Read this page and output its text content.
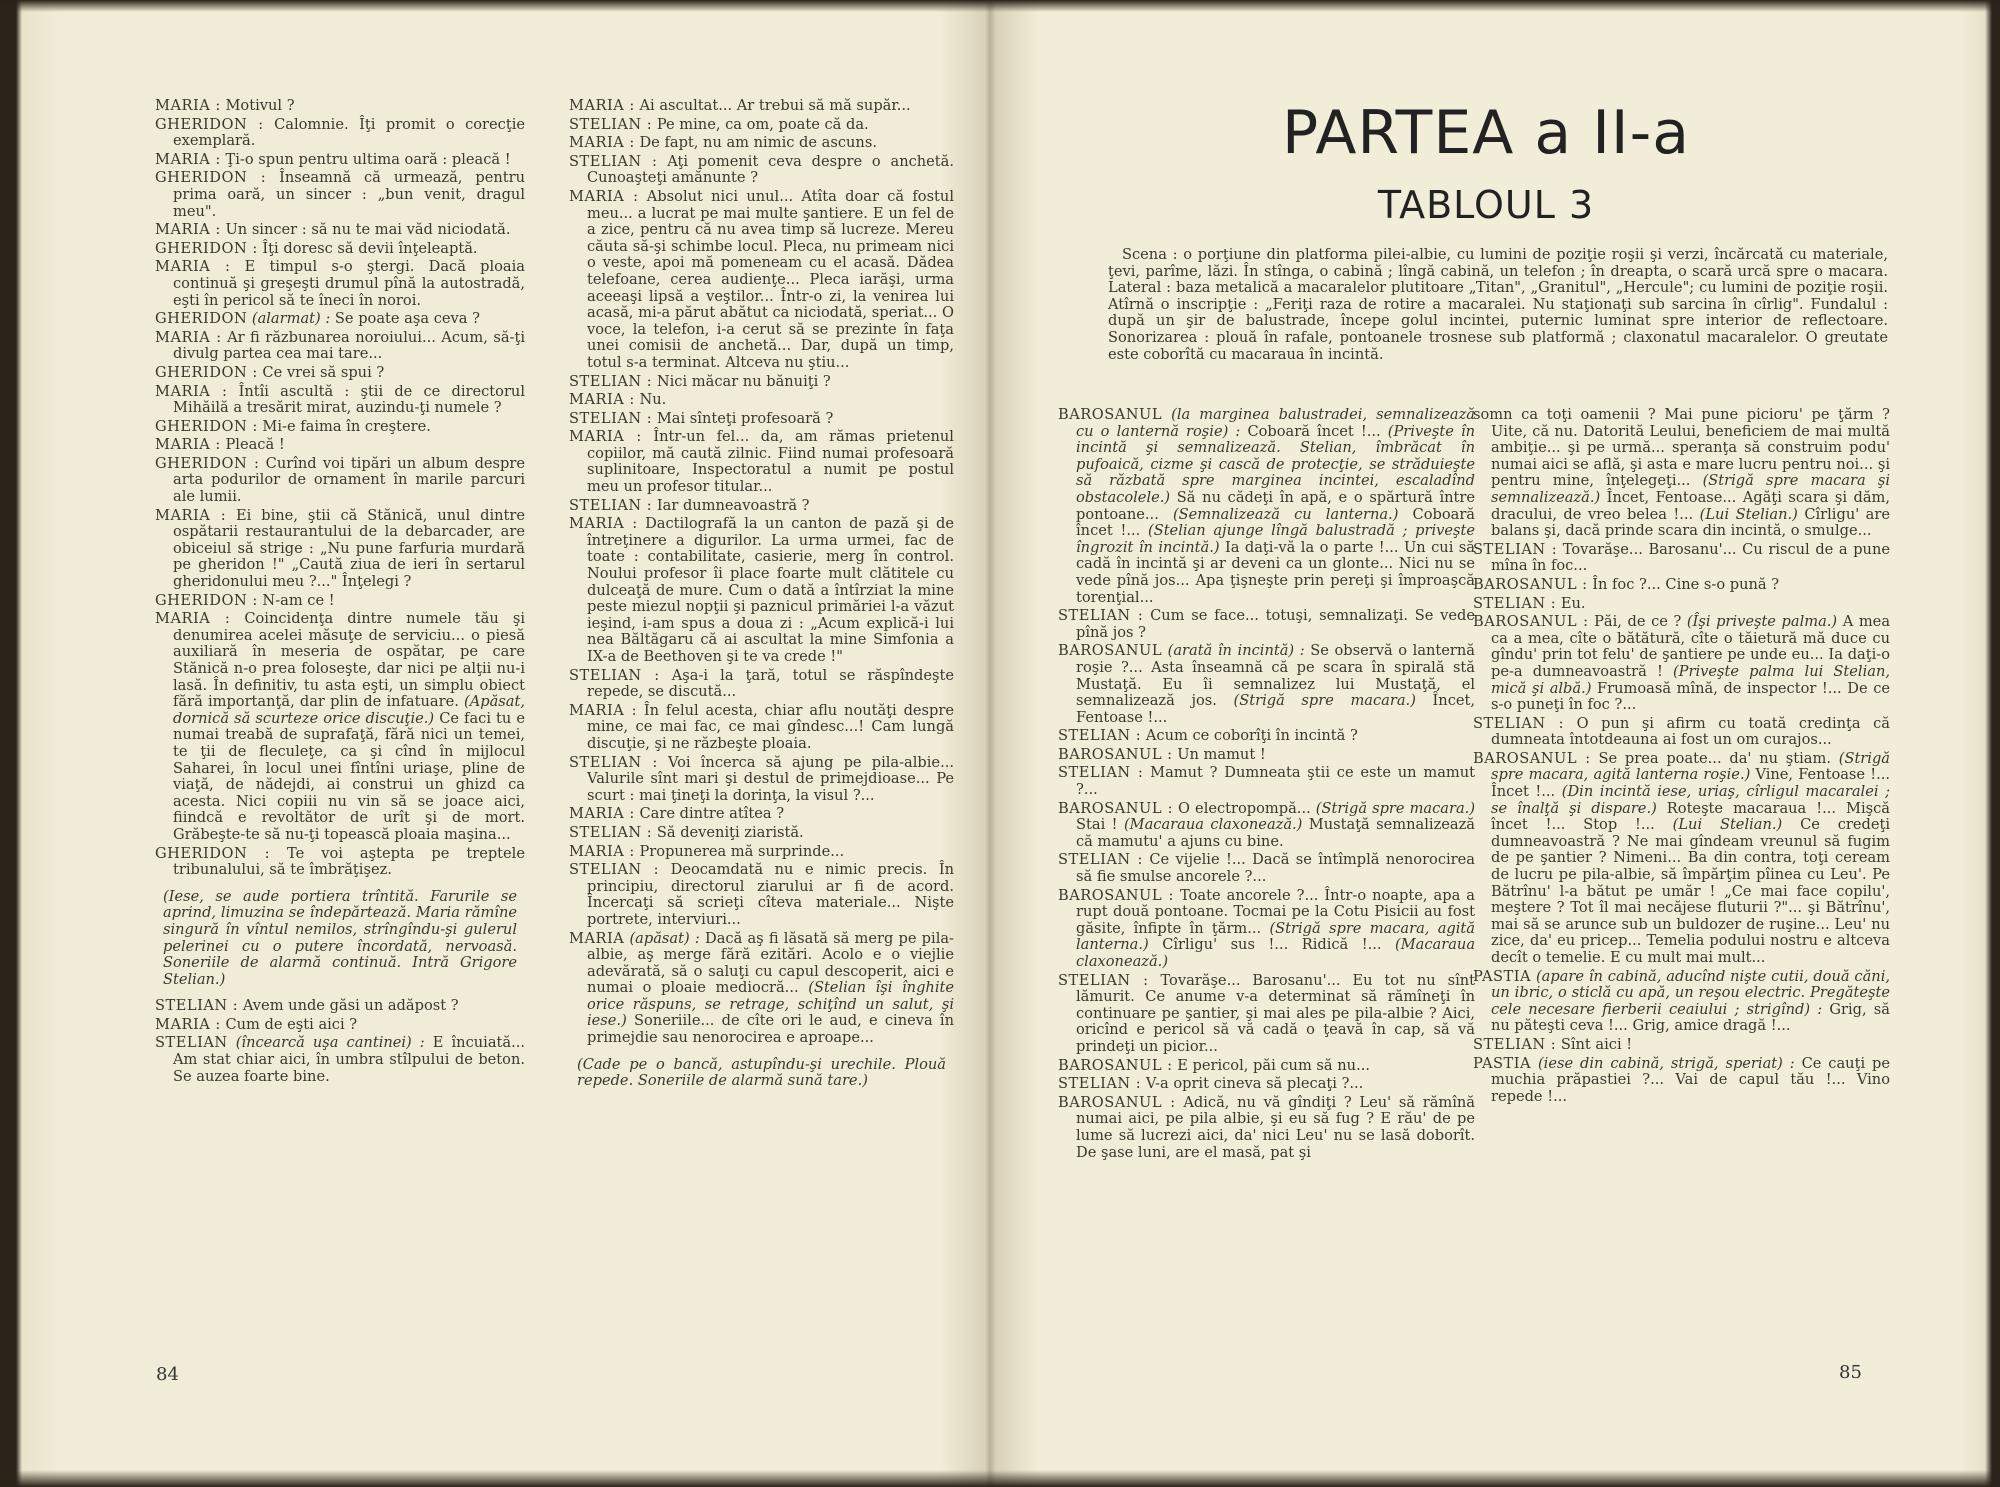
MARIA : Motivul ?

GHERIDON : Calomnie. Îţi promit o corecţie exemplară.

MARIA : Ţi-o spun pentru ultima oară : pleacă !

GHERIDON : Înseamnă că urmează, pentru prima oară, un sincer : „bun venit, dragul meu".

MARIA : Un sincer : să nu te mai văd niciodată.

GHERIDON : Îţi doresc să devii înţeleaptă.

MARIA : E timpul s-o ştergi. Dacă ploaia continuă şi greşeşti drumul pînă la autostradă, eşti în pericol să te îneci în noroi.

GHERIDON (alarmat) : Se poate aşa ceva ?

MARIA : Ar fi răzbunarea noroiului... Acum, să-ţi divulg partea cea mai tare...

GHERIDON : Ce vrei să spui ?

MARIA : Întîi ascultă : ştii de ce directorul Mihăilă a tresărit mirat, auzindu-ţi numele ?

GHERIDON : Mi-e faima în creştere.

MARIA : Pleacă !

GHERIDON : Curînd voi tipări un album despre arta podurilor de ornament în marile parcuri ale lumii.

MARIA : Ei bine, ştii că Stănică, unul dintre ospătarii restaurantului de la debarcader, are obiceiul să strige : „Nu pune farfuria murdară pe gheridon !" „Caută ziua de ieri în sertarul gheridonului meu ?..." Înţelegi ?

GHERIDON : N-am ce !

MARIA : Coincidenţa dintre numele tău şi denumirea acelei măsuţe de serviciu... o piesă auxiliară în meseria de ospătar, pe care Stănică n-o prea foloseşte, dar nici pe alţii nu-i lasă. În definitiv, tu asta eşti, un simplu obiect fără importanţă, dar plin de infatuare. (Apăsat, dornică să scurteze orice discuţie.) Ce faci tu e numai treabă de suprafaţă, fără nici un temei, te ţii de fleculeţe, ca şi cînd în mijlocul Saharei, în locul unei fîntîni uriaşe, pline de viaţă, de nădejdi, ai construi un ghizd ca acesta. Nici copiii nu vin să se joace aici, fiindcă e revoltător de urît şi de mort. Grăbeşte-te să nu-ţi topească ploaia maşina...

GHERIDON : Te voi aştepta pe treptele tribunalului, să te îmbrăţişez.

(Iese, se aude portiera trîntită. Farurile se aprind, limuzina se îndepărtează. Maria rămîne singură în vîntul nemilos, strîngîndu-şi gulerul pelerinei cu o putere încordată, nervoasă. Soneriile de alarmă continuă. Intră Grigore Stelian.)

STELIAN : Avem unde găsi un adăpost ?

MARIA : Cum de eşti aici ?

STELIAN (încearcă uşa cantinei) : E încuiată... Am stat chiar aici, în umbra stîlpului de beton. Se auzea foarte bine.

MARIA : Ai ascultat... Ar trebui să mă supăr...

STELIAN : Pe mine, ca om, poate că da.

MARIA : De fapt, nu am nimic de ascuns.

STELIAN : Aţi pomenit ceva despre o anchetă. Cunoaşteţi amănunte ?

MARIA : Absolut nici unul... Atîta doar că fostul meu... a lucrat pe mai multe şantiere. E un fel de a zice, pentru că nu avea timp să lucreze. Mereu căuta să-şi schimbe locul. Pleca, nu primeam nici o veste, apoi mă pomeneam cu el acasă. Dădea telefoane, cerea audienţe... Pleca iarăşi, urma aceeaşi lipsă a veştilor... Într-o zi, la venirea lui acasă, mi-a părut abătut ca niciodată, speriat... O voce, la telefon, i-a cerut să se prezinte în faţa unei comisii de anchetă... Dar, după un timp, totul s-a terminat. Altceva nu ştiu...

STELIAN : Nici măcar nu bănuiţi ?

MARIA : Nu.

STELIAN : Mai sînteţi profesoară ?

MARIA : Într-un fel... da, am rămas prietenul copiilor, mă caută zilnic. Fiind numai profesoară suplinitoare, Inspectoratul a numit pe postul meu un profesor titular...

STELIAN : Iar dumneavoastră ?

MARIA : Dactilografă la un canton de pază şi de întreţinere a digurilor. La urma urmei, fac de toate : contabilitate, casierie, merg în control. Noului profesor îi place foarte mult clătitele cu dulceaţă de mure. Cum o dată a întîrziat la mine peste miezul nopţii şi paznicul primăriei l-a văzut ieşind, i-am spus a doua zi : „Acum explică-i lui nea Băltăgaru că ai ascultat la mine Simfonia a IX-a de Beethoven şi te va crede !"

STELIAN : Aşa-i la ţară, totul se răspîndeşte repede, se discută...

MARIA : În felul acesta, chiar aflu noutăţi despre mine, ce mai fac, ce mai gîndesc...! Cam lungă discuţie, şi ne răzbeşte ploaia.

STELIAN : Voi încerca să ajung pe pila-albie... Valurile sînt mari şi destul de primejdioase... Pe scurt : mai ţineţi la dorinţa, la visul ?...

MARIA : Care dintre atîtea ?

STELIAN : Să deveniţi ziaristă.

MARIA : Propunerea mă surprinde...

STELIAN : Deocamdată nu e nimic precis. În principiu, directorul ziarului ar fi de acord. Încercaţi să scrieţi cîteva materiale... Nişte portrete, interviuri...

MARIA (apăsat) : Dacă aş fi lăsată să merg pe pila-albie, aş merge fără ezitări. Acolo e o viejlie adevărată, să o saluţi cu capul descoperit, aici e numai o ploaie mediocră... (Stelian îşi înghite orice răspuns, se retrage, schiţînd un salut, şi iese.) Soneriile... de cîte ori le aud, e cineva în primejdie sau nenorocirea e aproape...

(Cade pe o bancă, astupîndu-şi urechile. Plouă repede. Soneriile de alarmă sună tare.)

84
PARTEA a II-a
TABLOUL 3
Scena : o porţiune din platforma pilei-albie, cu lumini de poziţie roşii şi verzi, încărcată cu materiale, ţevi, parîme, lăzi. În stînga, o cabină ; lîngă cabină, un telefon ; în dreapta, o scară urcă spre o macara. Lateral : baza metalică a macaralelor plutitoare „Titan", „Granitul", „Hercule"; cu lumini de poziţie roşii. Atîrnă o inscripţie : „Feriţi raza de rotire a macaralei. Nu staţionaţi sub sarcina în cîrlig". Fundalul : după un şir de balustrade, începe golul incintei, puternic luminat spre interior de reflectoare. Sonorizarea : plouă în rafale, pontoanele trosnese sub platformă ; claxonatul macaralelor. O greutate este coborîtă cu macaraua în incintă.

BAROSANUL (la marginea balustradei, semnalizează cu o lanternă roşie) : Coboară încet !... (Priveşte în incintă şi semnalizează. Stelian, îmbrăcat în pufoaică, cizme şi cască de protecţie, se străduieşte să răzbată spre marginea incintei, escaladînd obstacolele.) Să nu cădeţi în apă, e o spărtură între pontoane... (Semnalizează cu lanterna.) Coboară încet !... (Stelian ajunge lîngă balustradă ; priveşte îngrozit în incintă.) Ia daţi-vă la o parte !... Un cui să cadă în incintă şi ar deveni ca un glonte... Nici nu se vede pînă jos... Apa ţişneşte prin pereţi şi împroaşcă torenţial...

STELIAN : Cum se face... totuşi, semnalizaţi. Se vede pînă jos ?

BAROSANUL (arată în incintă) : Se observă o lanternă roşie ?... Asta înseamnă că pe scara în spirală stă Mustaţă. Eu îi semnalizez lui Mustaţă, el semnalizează jos. (Strigă spre macara.) Încet, Fentoase !...

STELIAN : Acum ce coborîţi în incintă ?

BAROSANUL : Un mamut !

STELIAN : Mamut ? Dumneata ştii ce este un mamut ?...

BAROSANUL : O electropompă... (Strigă spre macara.) Stai ! (Macaraua claxonează.) Mustaţă semnalizează că mamutu' a ajuns cu bine.

STELIAN : Ce vijelie !... Dacă se întîmplă nenorocirea să fie smulse ancorele ?...

BAROSANUL : Toate ancorele ?... Într-o noapte, apa a rupt două pontoane. Tocmai pe la Cotu Pisicii au fost găsite, înfipte în ţărm... (Strigă spre macara, agită lanterna.) Cîrligu' sus !... Ridică !... (Macaraua claxonează.)

STELIAN : Tovarăşe... Barosanu'... Eu tot nu sînt lămurit. Ce anume v-a determinat să rămîneţi în continuare pe şantier, şi mai ales pe pila-albie ? Aici, oricînd e pericol să vă cadă o ţeavă în cap, să vă prindeţi un picior...

BAROSANUL : E pericol, păi cum să nu...

STELIAN : V-a oprit cineva să plecaţi ?...

BAROSANUL : Adică, nu vă gîndiţi ? Leu' să rămînă numai aici, pe pila albie, şi eu să fug ? E rău' de pe lume să lucrezi aici, da' nici Leu' nu se lasă doborît. De şase luni, are el masă, pat şi

somn ca toţi oamenii ? Mai pune picioru' pe ţărm ? Uite, că nu. Datorită Leului, beneficiem de mai multă ambiţie... şi pe urmă... speranţa să construim podu' numai aici se află, şi asta e mare lucru pentru noi... şi pentru mine, înţelegeţi... (Strigă spre macara şi semnalizează.) Încet, Fentoase... Agăţi scara şi dăm, dracului, de vreo belea !... (Lui Stelian.) Cîrligu' are balans şi, dacă prinde scara din incintă, o smulge...

STELIAN : Tovarăşe... Barosanu'... Cu riscul de a pune mîna în foc...

BAROSANUL : În foc ?... Cine s-o pună ?

STELIAN : Eu.

BAROSANUL : Păi, de ce ? (Îşi priveşte palma.) A mea ca a mea, cîte o bătătură, cîte o tăietură mă duce cu gîndu' prin tot felu' de şantiere pe unde eu... Ia daţi-o pe-a dumneavoastră ! (Priveşte palma lui Stelian, mică şi albă.) Frumoasă mînă, de inspector !... De ce s-o puneţi în foc ?...

STELIAN : O pun şi afirm cu toată credinţa că dumneata întotdeauna ai fost un om curajos...

BAROSANUL : Se prea poate... da' nu ştiam. (Strigă spre macara, agită lanterna roşie.) Vine, Fentoase !... Încet !... (Din incintă iese, uriaş, cîrligul macaralei ; se înalţă şi dispare.) Roteşte macaraua !... Mişcă încet !... Stop !... (Lui Stelian.) Ce credeţi dumneavoastră ? Ne mai gîndeam vreunul să fugim de pe şantier ? Nimeni... Ba din contra, toţi ceream de lucru pe pila-albie, să împărţim pîinea cu Leu'. Pe Bătrînu' l-a bătut pe umăr ! „Ce mai face copilu', meştere ? Tot îl mai necăjese fluturii ?"... şi Bătrînu', mai să se arunce sub un buldozer de ruşine... Leu' nu zice, da' eu pricep... Temelia podului nostru e altceva decît o temelie. E cu mult mai mult...

PASTIA (apare în cabină, aducînd nişte cutii, două căni, un ibric, o sticlă cu apă, un reşou electric. Pregăteşte cele necesare fierberii ceaiului ; strigînd) : Grig, să nu păteşti ceva !... Grig, amice dragă !...

STELIAN : Sînt aici !

PASTIA (iese din cabină, strigă, speriat) : Ce cauţi pe muchia prăpastiei ?... Vai de capul tău !... Vino repede !...

85
